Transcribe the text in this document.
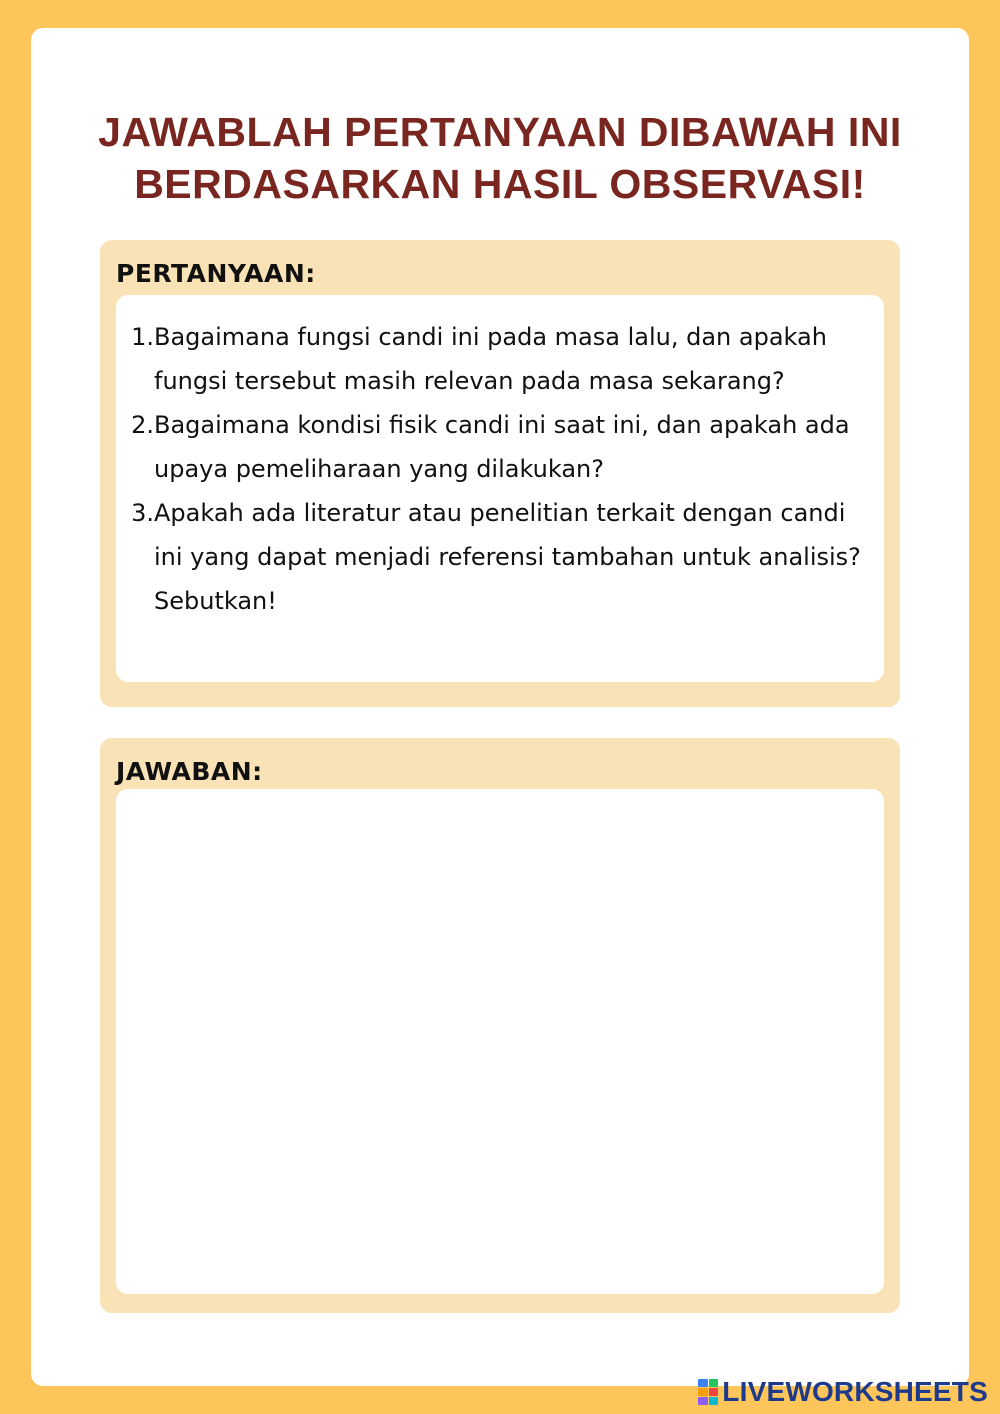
JAWABLAH PERTANYAAN DIBAWAH INI
BERDASARKAN HASIL OBSERVASI!
PERTANYAAN:
1. Bagaimana fungsi candi ini pada masa lalu, dan apakah fungsi tersebut masih relevan pada masa sekarang?
2. Bagaimana kondisi fisik candi ini saat ini, dan apakah ada upaya pemeliharaan yang dilakukan?
3. Apakah ada literatur atau penelitian terkait dengan candi ini yang dapat menjadi referensi tambahan untuk analisis?Sebutkan!
JAWABAN:
LIVEWORKSHEETS
